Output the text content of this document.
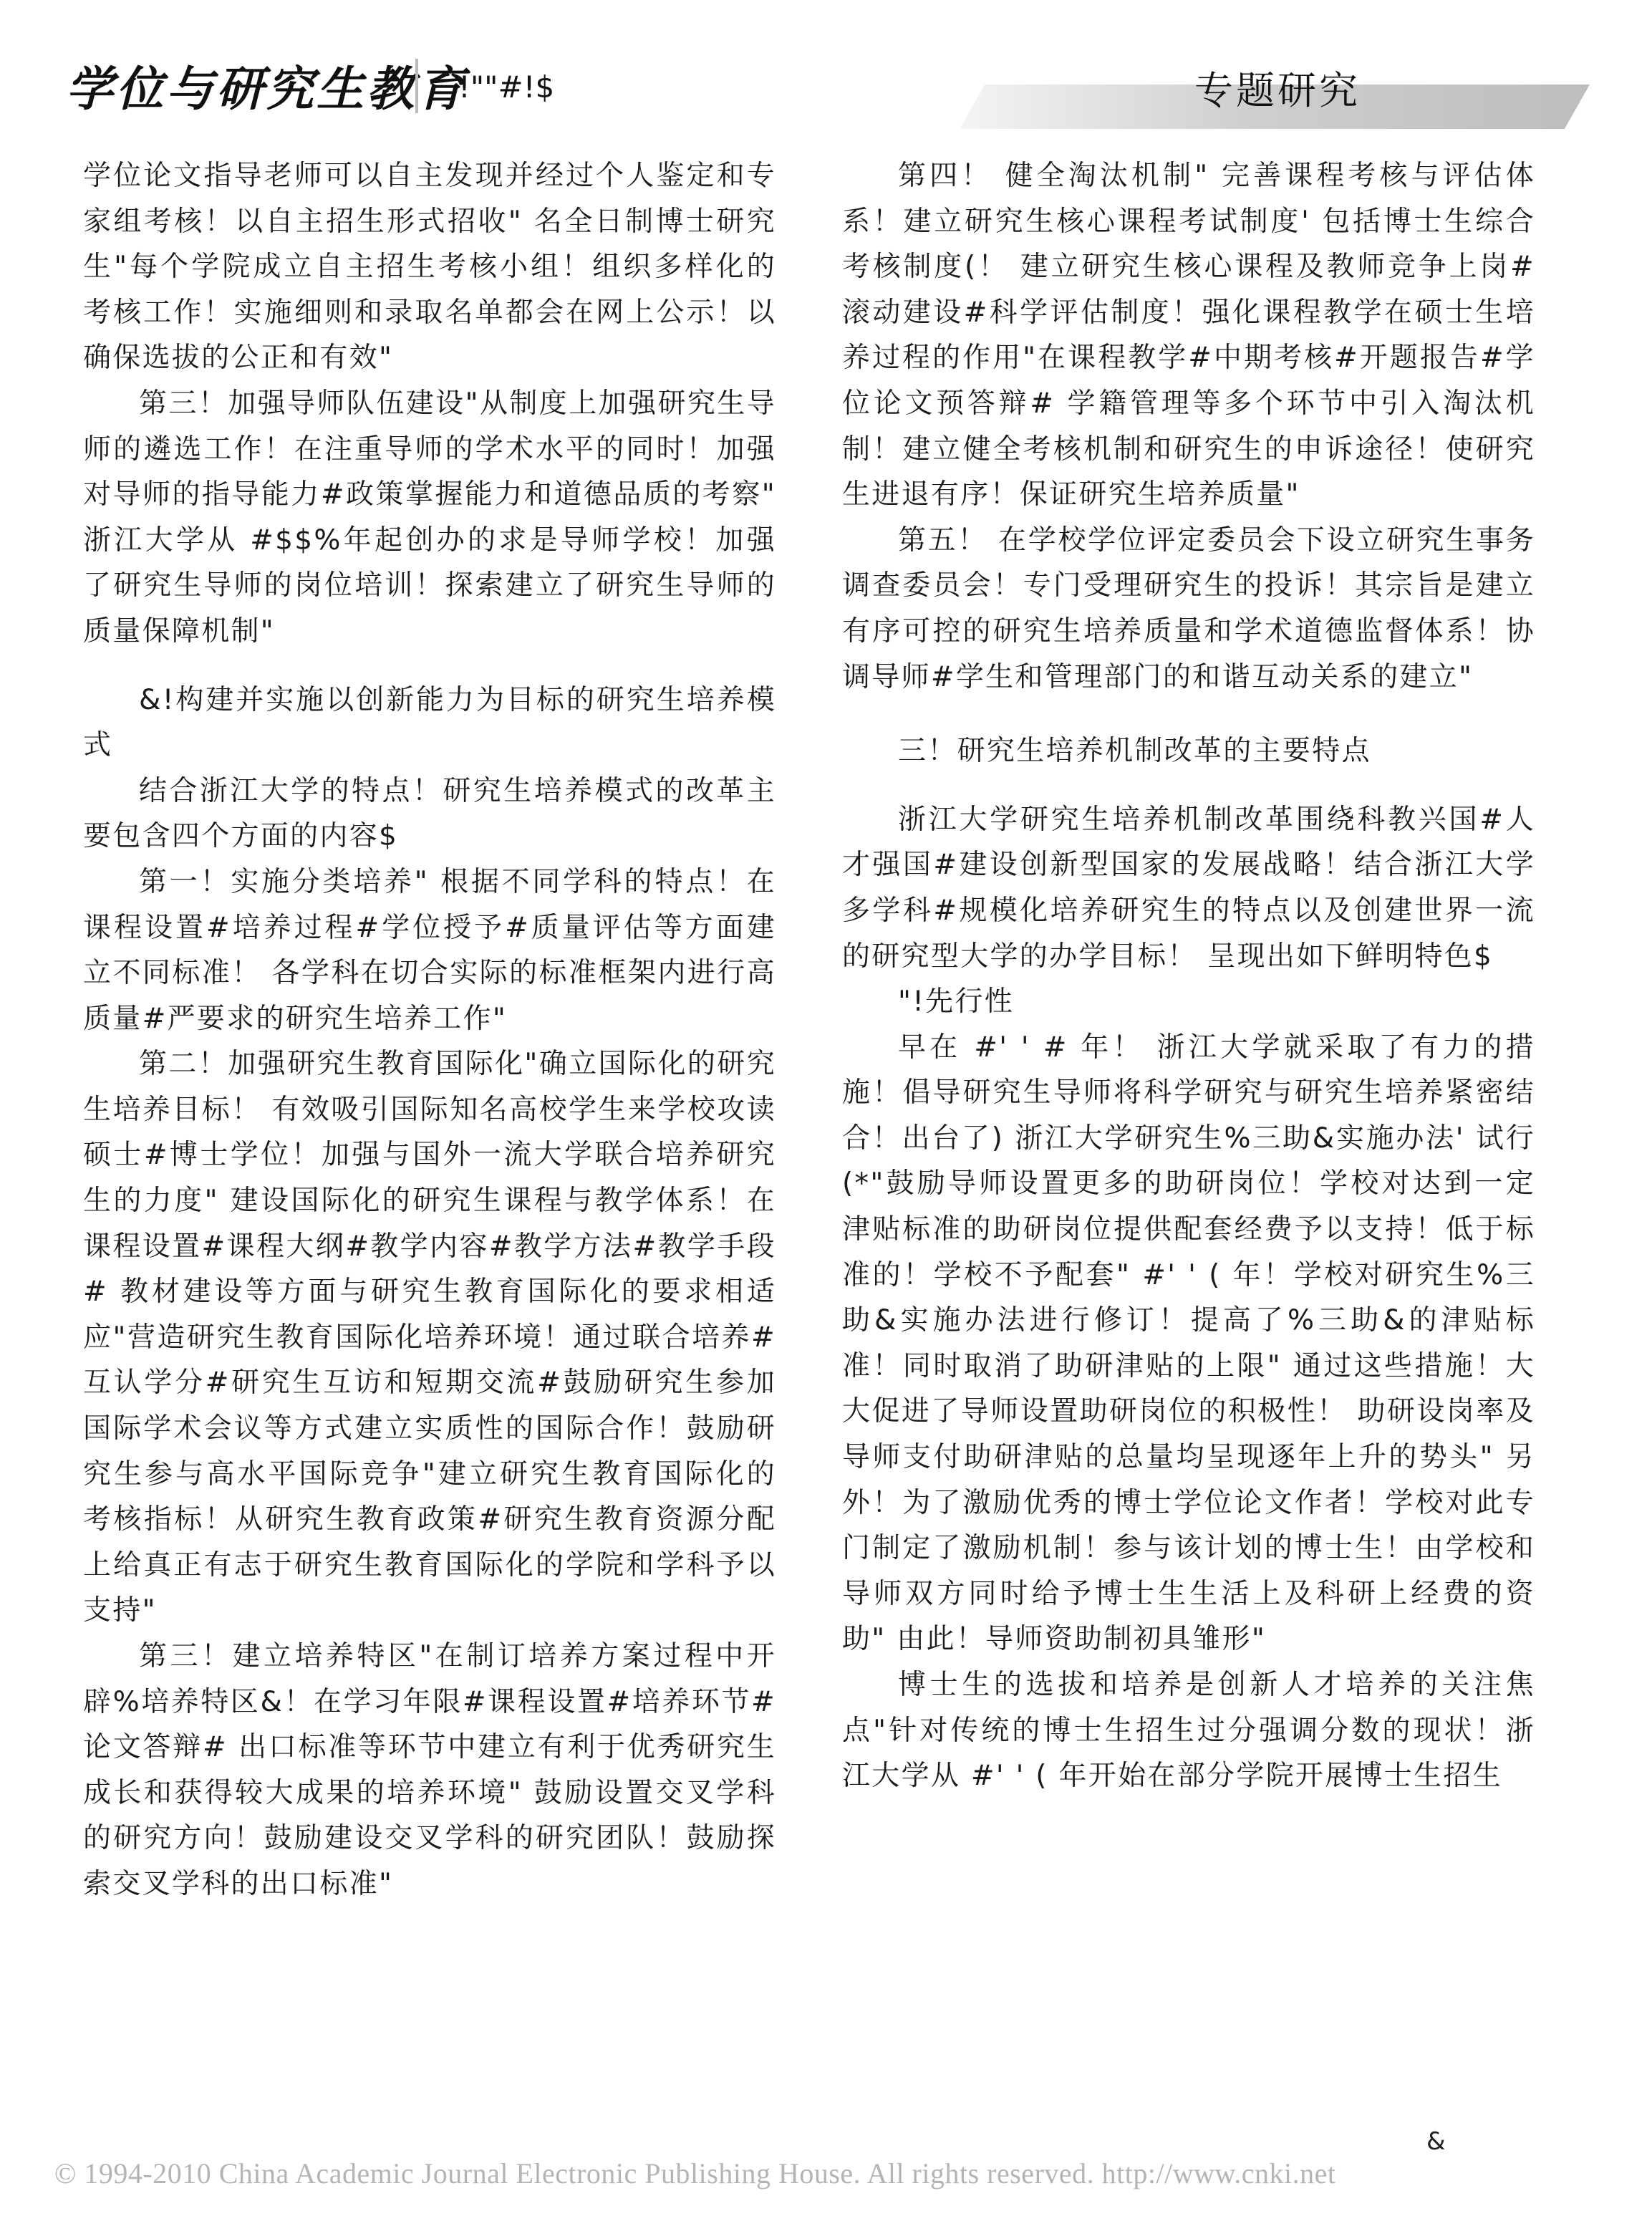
学位与研究生教育
!""#!$	专题研究

学位论文指导老师可以自主发现并经过个人鉴定和专家组考核！以自主招生形式招收" 名全日制博士研究生"每个学院成立自主招生考核小组！组织多样化的考核工作！实施细则和录取名单都会在网上公示！以确保选拔的公正和有效"

第三！加强导师队伍建设"从制度上加强研究生导师的遴选工作！在注重导师的学术水平的同时！加强对导师的指导能力#政策掌握能力和道德品质的考察" 浙江大学从 #$$%年起创办的求是导师学校！加强了研究生导师的岗位培训！探索建立了研究生导师的质量保障机制"

&!构建并实施以创新能力为目标的研究生培养模式

结合浙江大学的特点！研究生培养模式的改革主要包含四个方面的内容$

第一！实施分类培养" 根据不同学科的特点！在课程设置#培养过程#学位授予#质量评估等方面建立不同标准！ 各学科在切合实际的标准框架内进行高质量#严要求的研究生培养工作"

第二！加强研究生教育国际化"确立国际化的研究生培养目标！ 有效吸引国际知名高校学生来学校攻读硕士#博士学位！加强与国外一流大学联合培养研究生的力度" 建设国际化的研究生课程与教学体系！在课程设置#课程大纲#教学内容#教学方法#教学手段# 教材建设等方面与研究生教育国际化的要求相适应"营造研究生教育国际化培养环境！通过联合培养#互认学分#研究生互访和短期交流#鼓励研究生参加国际学术会议等方式建立实质性的国际合作！鼓励研究生参与高水平国际竞争"建立研究生教育国际化的考核指标！从研究生教育政策#研究生教育资源分配上给真正有志于研究生教育国际化的学院和学科予以支持"

第三！建立培养特区"在制订培养方案过程中开辟%培养特区&！在学习年限#课程设置#培养环节#论文答辩# 出口标准等环节中建立有利于优秀研究生成长和获得较大成果的培养环境" 鼓励设置交叉学科的研究方向！鼓励建设交叉学科的研究团队！鼓励探索交叉学科的出口标准"

第四！ 健全淘汰机制" 完善课程考核与评估体系！建立研究生核心课程考试制度' 包括博士生综合考核制度(！ 建立研究生核心课程及教师竞争上岗#滚动建设#科学评估制度！强化课程教学在硕士生培养过程的作用"在课程教学#中期考核#开题报告#学位论文预答辩# 学籍管理等多个环节中引入淘汰机制！建立健全考核机制和研究生的申诉途径！使研究生进退有序！保证研究生培养质量"

第五！ 在学校学位评定委员会下设立研究生事务调查委员会！专门受理研究生的投诉！其宗旨是建立有序可控的研究生培养质量和学术道德监督体系！协调导师#学生和管理部门的和谐互动关系的建立"

三！研究生培养机制改革的主要特点

浙江大学研究生培养机制改革围绕科教兴国#人才强国#建设创新型国家的发展战略！结合浙江大学多学科#规模化培养研究生的特点以及创建世界一流的研究型大学的办学目标！ 呈现出如下鲜明特色$

"!先行性

早在 #' ' # 年！ 浙江大学就采取了有力的措施！倡导研究生导师将科学研究与研究生培养紧密结合！出台了) 浙江大学研究生%三助&实施办法' 试行(*"鼓励导师设置更多的助研岗位！学校对达到一定津贴标准的助研岗位提供配套经费予以支持！低于标准的！学校不予配套" #' ' ( 年！学校对研究生%三助&实施办法进行修订！提高了%三助&的津贴标准！同时取消了助研津贴的上限" 通过这些措施！大大促进了导师设置助研岗位的积极性！ 助研设岗率及导师支付助研津贴的总量均呈现逐年上升的势头" 另外！为了激励优秀的博士学位论文作者！学校对此专门制定了激励机制！参与该计划的博士生！由学校和导师双方同时给予博士生生活上及科研上经费的资助" 由此！导师资助制初具雏形"

博士生的选拔和培养是创新人才培养的关注焦点"针对传统的博士生招生过分强调分数的现状！浙江大学从 #' ' ( 年开始在部分学院开展博士生招生

&
© 1994-2010 China Academic Journal Electronic Publishing House. All rights reserved. http://www.cnki.net
